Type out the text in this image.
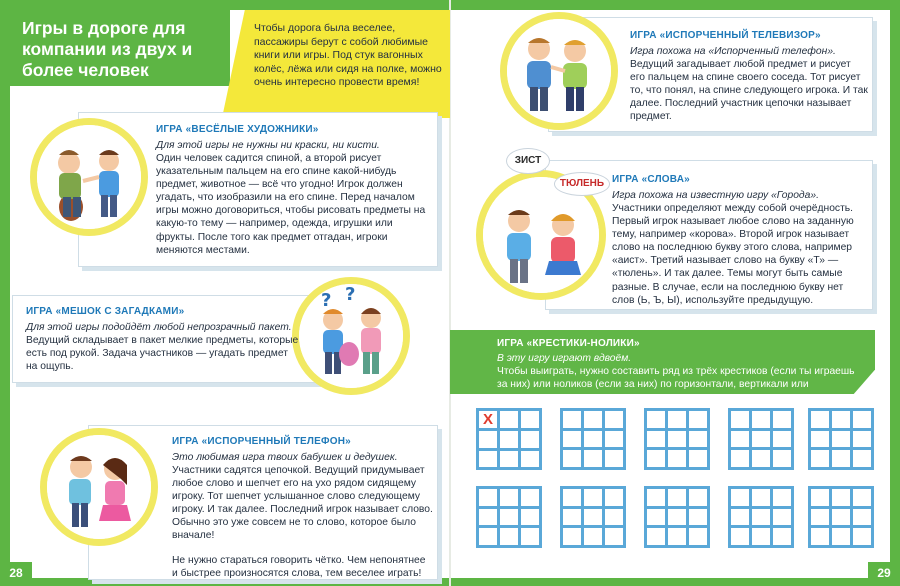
Игры в дороге для компании из двух и более человек
Чтобы дорога была веселее, пассажиры берут с собой любимые книги или игры. Под стук вагонных колёс, лёжа или сидя на полке, можно очень интересно провести время!
ИГРА «ВЕСЁЛЫЕ ХУДОЖНИКИ»
Для этой игры не нужны ни краски, ни кисти.
Один человек садится спиной, а второй рисует указательным пальцем на его спине какой-нибудь предмет, животное — всё что угодно! Игрок должен угадать, что изобразили на его спине. Перед началом игры можно договориться, чтобы рисовать предметы на какую-то тему — например, одежда, игрушки или фрукты. После того как предмет отгадан, игроки меняются местами.
? ?
ИГРА «МЕШОК С ЗАГАДКАМИ»
Для этой игры подойдёт любой непрозрачный пакет.
Ведущий складывает в пакет мелкие предметы, которые есть под рукой. Задача участников — угадать предмет на ощупь.
ИГРА «ИСПОРЧЕННЫЙ ТЕЛЕФОН»
Это любимая игра твоих бабушек и дедушек.
Участники садятся цепочкой. Ведущий придумывает любое слово и шепчет его на ухо рядом сидящему игроку. Тот шепчет услышанное слово следующему игроку. И так далее. Последний игрок называет слово. Обычно это уже совсем не то слово, которое было вначале!
Не нужно стараться говорить чётко. Чем непонятнее и быстрее произносятся слова, тем веселее играть!
ИГРА «ИСПОРЧЕННЫЙ ТЕЛЕВИЗОР»
Игра похожа на «Испорченный телефон».
Ведущий загадывает любой предмет и рисует его пальцем на спине своего соседа. Тот рисует то, что понял, на спине следующего игрока. И так далее. Последний участник цепочки называет предмет.
ЗИСТ
ТЮЛЕНЬ ИГРА «СЛОВА»
Игра похожа на известную игру «Города».
Участники определяют между собой очерёдность. Первый игрок называет любое слово на заданную тему, например «корова». Второй игрок называет слово на последнюю букву этого слова, например «аист». Третий называет слово на букву «Т» — «тюлень». И так далее. Темы могут быть самые разные. В случае, если на последнюю букву нет слов (Ь, Ъ, Ы), используйте предыдущую.
ИГРА «КРЕСТИКИ-НОЛИКИ»
В эту игру играют вдвоём.
Чтобы выиграть, нужно составить ряд из трёх крестиков (если ты играешь за них) или ноликов (если за них) по горизонтали, вертикали или диагонали.
X
28	29
